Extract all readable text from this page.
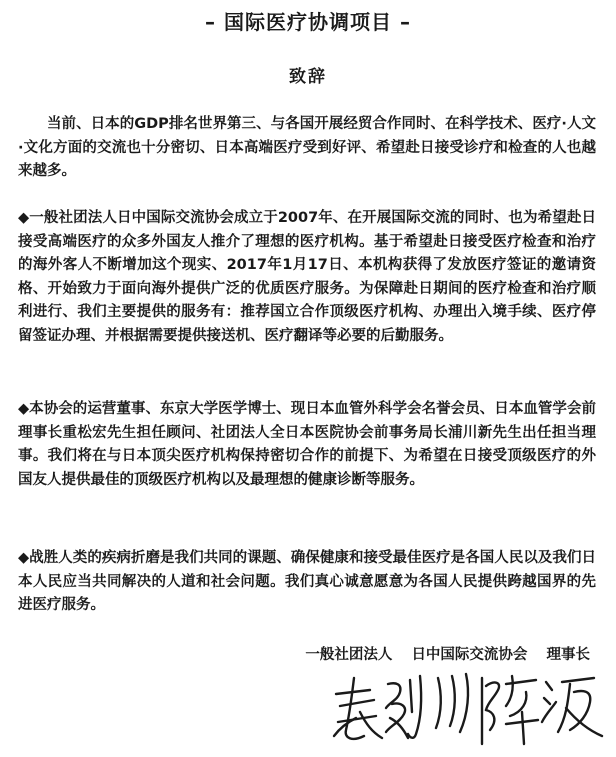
– 国际医疗协调项目 –
致辞
当前、日本的GDP排名世界第三、与各国开展经贸合作同时、在科学技术、医疗·人文·文化方面的交流也十分密切、日本高端医疗受到好评、希望赴日接受诊疗和检查的人也越来越多。
◆一般社团法人日中国际交流协会成立于2007年、在开展国际交流的同时、也为希望赴日接受高端医疗的众多外国友人推介了理想的医疗机构。基于希望赴日接受医疗检查和治疗的海外客人不断增加这个现实、2017年1月17日、本机构获得了发放医疗签证的邀请资格、开始致力于面向海外提供广泛的优质医疗服务。为保障赴日期间的医疗检查和治疗顺利进行、我们主要提供的服务有：推荐国立合作顶级医疗机构、办理出入境手续、医疗停留签证办理、并根据需要提供接送机、医疗翻译等必要的后勤服务。
◆本协会的运营董事、东京大学医学博士、现日本血管外科学会名誉会员、日本血管学会前理事长重松宏先生担任顾问、社团法人全日本医院协会前事务局长浦川新先生出任担当理事。我们将在与日本顶尖医疗机构保持密切合作的前提下、为希望在日接受顶级医疗的外国友人提供最佳的顶级医疗机构以及最理想的健康诊断等服务。
◆战胜人类的疾病折磨是我们共同的课题、确保健康和接受最佳医疗是各国人民以及我们日本人民应当共同解决的人道和社会问题。我们真心诚意愿意为各国人民提供跨越国界的先进医疗服务。
一般社团法人 日中国际交流协会 理事长
